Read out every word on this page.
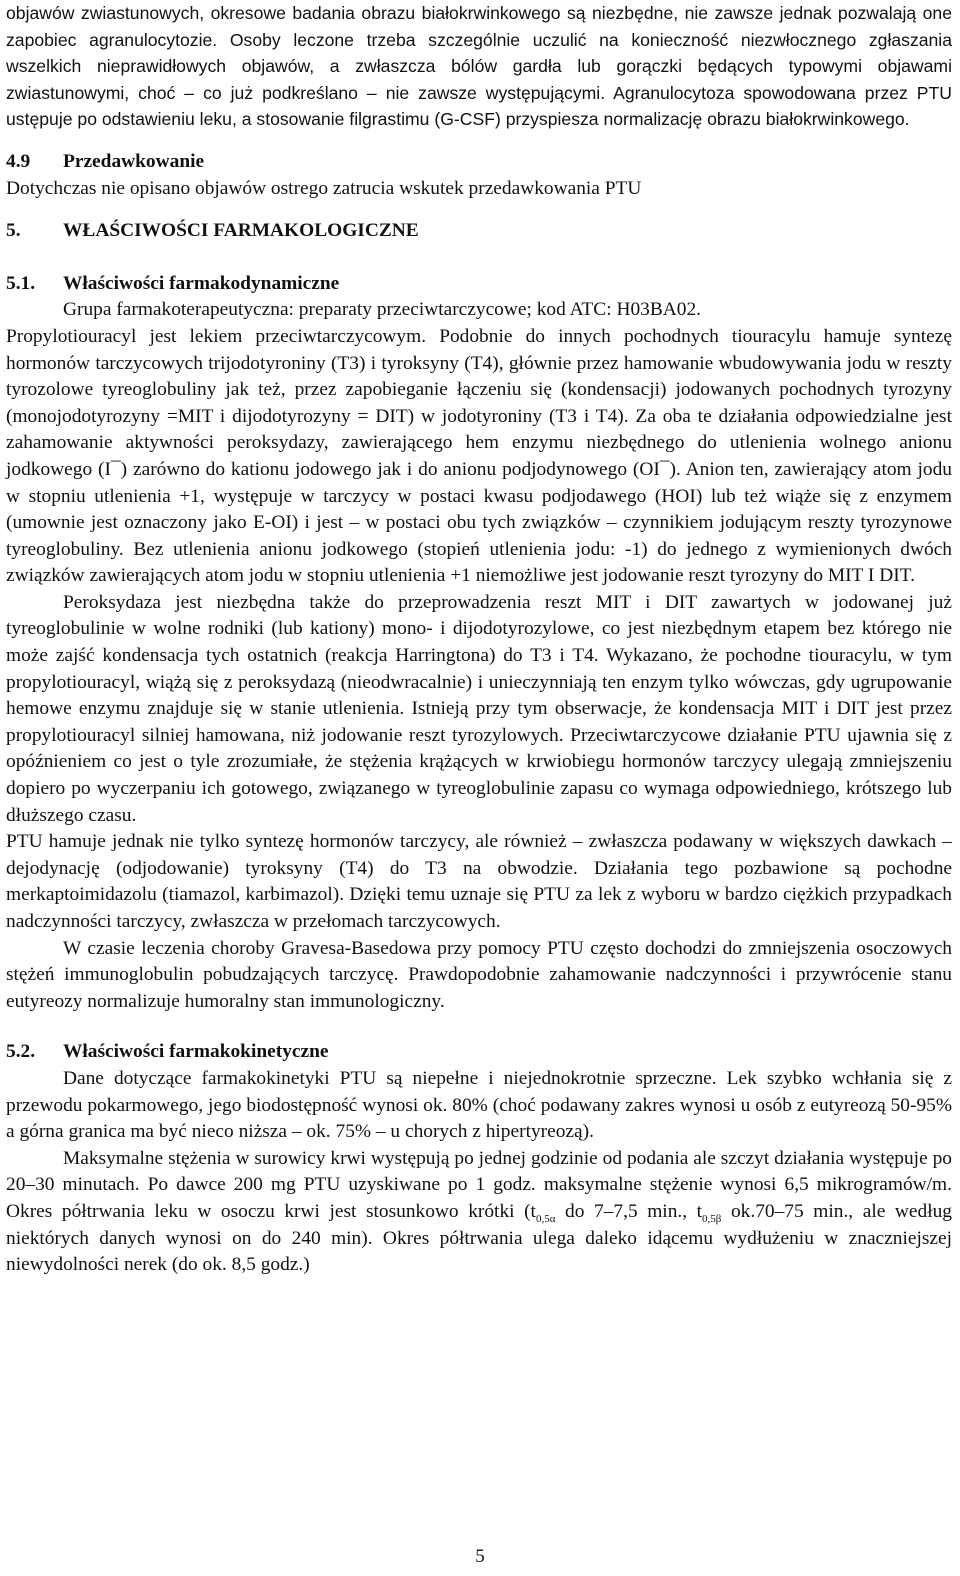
objawów zwiastunowych, okresowe badania obrazu białokrwinkowego są niezbędne, nie zawsze jednak pozwalają one zapobiec agranulocytozie. Osoby leczone trzeba szczególnie uczulić na konieczność niezwłocznego zgłaszania wszelkich nieprawidłowych objawów, a zwłaszcza bólów gardła lub gorączki będących typowymi objawami zwiastunowymi, choć – co już podkreślano – nie zawsze występującymi. Agranulocytoza spowodowana przez PTU ustępuje po odstawieniu leku, a stosowanie filgrastimu (G-CSF) przyspiesza normalizację obrazu białokrwinkowego.

4.9 Przedawkowanie

Dotychczas nie opisano objawów ostrego zatrucia wskutek przedawkowania PTU

5. WŁAŚCIWOŚCI FARMAKOLOGICZNE
5.1. Właściwości farmakodynamiczne

Grupa farmakoterapeutyczna: preparaty przeciwtarczycowe; kod ATC: H03BA02.

Propylotiouracyl jest lekiem przeciwtarczycowym. Podobnie do innych pochodnych tiouracylu hamuje syntezę hormonów tarczycowych trijodotyroniny (T3) i tyroksyny (T4), głównie przez hamowanie wbudowywania jodu w reszty tyrozolowe tyreoglobuliny jak też, przez zapobieganie łączeniu się (kondensacji) jodowanych pochodnych tyrozyny (monojodotyrozyny =MIT i dijodotyrozyny = DIT) w jodotyroniny (T3 i T4). Za oba te działania odpowiedzialne jest zahamowanie aktywności peroksydazy, zawierającego hem enzymu niezbędnego do utlenienia wolnego anionu jodkowego (I¯) zarówno do kationu jodowego jak i do anionu podjodynowego (OI¯). Anion ten, zawierający atom jodu w stopniu utlenienia +1, występuje w tarczycy w postaci kwasu podjodawego (HOI) lub też wiąże się z enzymem (umownie jest oznaczony jako E-OI) i jest – w postaci obu tych związków – czynnikiem jodującym reszty tyrozynowe tyreoglobuliny. Bez utlenienia anionu jodkowego (stopień utlenienia jodu: -1) do jednego z wymienionych dwóch związków zawierających atom jodu w stopniu utlenienia +1 niemożliwe jest jodowanie reszt tyrozyny do MIT I DIT.

Peroksydaza jest niezbędna także do przeprowadzenia reszt MIT i DIT zawartych w jodowanej już tyreoglobulinie w wolne rodniki (lub kationy) mono- i dijodotyrozylowe, co jest niezbędnym etapem bez którego nie może zajść kondensacja tych ostatnich (reakcja Harringtona) do T3 i T4. Wykazano, że pochodne tiouracylu, w tym propylotiouracyl, wiążą się z peroksydazą (nieodwracalnie) i unieczynniają ten enzym tylko wówczas, gdy ugrupowanie hemowe enzymu znajduje się w stanie utlenienia. Istnieją przy tym obserwacje, że kondensacja MIT i DIT jest przez propylotiouracyl silniej hamowana, niż jodowanie reszt tyrozylowych. Przeciwtarczycowe działanie PTU ujawnia się z opóźnieniem co jest o tyle zrozumiałe, że stężenia krążących w krwiobiegu hormonów tarczycy ulegają zmniejszeniu dopiero po wyczerpaniu ich gotowego, związanego w tyreoglobulinie zapasu co wymaga odpowiedniego, krótszego lub dłuższego czasu.

PTU hamuje jednak nie tylko syntezę hormonów tarczycy, ale również – zwłaszcza podawany w większych dawkach – dejodynację (odjodowanie) tyroksyny (T4) do T3 na obwodzie. Działania tego pozbawione są pochodne merkaptoimidazolu (tiamazol, karbimazol). Dzięki temu uznaje się PTU za lek z wyboru w bardzo ciężkich przypadkach nadczynności tarczycy, zwłaszcza w przełomach tarczycowych.

W czasie leczenia choroby Gravesa-Basedowa przy pomocy PTU często dochodzi do zmniejszenia osoczowych stężeń immunoglobulin pobudzających tarczycę. Prawdopodobnie zahamowanie nadczynności i przywrócenie stanu eutyreozy normalizuje humoralny stan immunologiczny.

5.2. Właściwości farmakokinetyczne

Dane dotyczące farmakokinetyki PTU są niepełne i niejednokrotnie sprzeczne. Lek szybko wchłania się z przewodu pokarmowego, jego biodostępność wynosi ok. 80% (choć podawany zakres wynosi u osób z eutyreozą 50-95% a górna granica ma być nieco niższa – ok. 75% – u chorych z hipertyreozą).

Maksymalne stężenia w surowicy krwi występują po jednej godzinie od podania ale szczyt działania występuje po 20–30 minutach. Po dawce 200 mg PTU uzyskiwane po 1 godz. maksymalne stężenie wynosi 6,5 mikrogramów/m. Okres półtrwania leku w osoczu krwi jest stosunkowo krótki ($t_{0,5\alpha}$ do 7–7,5 min., $t_{0,5\beta}$ ok.70–75 min., ale według niektórych danych wynosi on do 240 min). Okres półtrwania ulega daleko idącemu wydłużeniu w znaczniejszej niewydolności nerek (do ok. 8,5 godz.)

5
